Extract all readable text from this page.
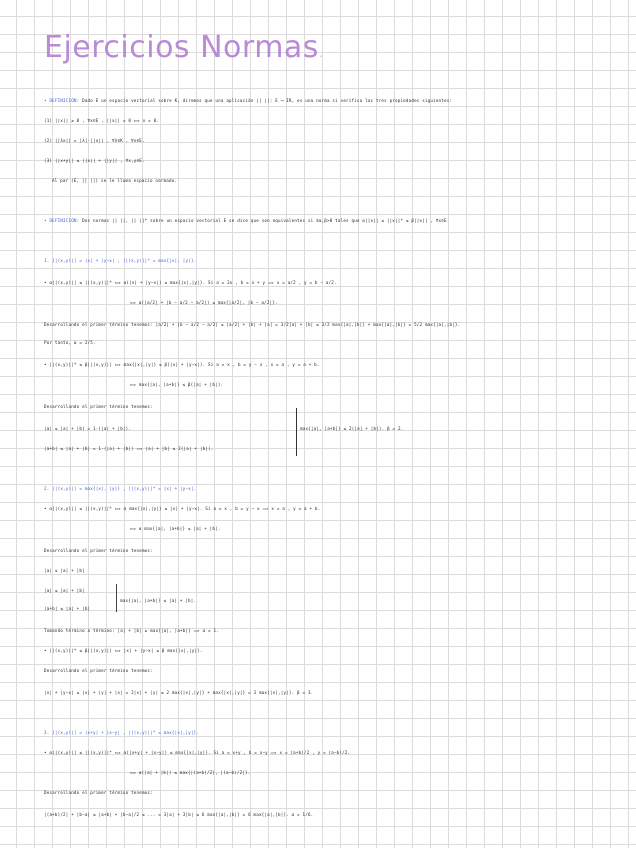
Ejercicios Normas.
• DEFINICIÓN: Dado E un espacio vectorial sobre K, diremos que una aplicación || ||: E ⟶ IR, es una norma si verifica las tres propiedades siguientes:
(1) ||x|| ≥ 0 , ∀x∈E , ||x|| = 0 ⟺ x = 0.
(2) ||λx|| = |λ|·||x|| , ∀λ∈K , ∀x∈E.
(3) ||x+y|| ≤ ||x|| + ||y|| , ∀x,y∈E.
Al par (E, || ||) se le llama espacio normado.
• DEFINICIÓN: Dos normas || ||, || ||* sobre un espacio vectorial E se dice que son equivalentes si ∃α,β>0 tales que α||x|| ≤ ||x||* ≤ β||x|| , ∀x∈E
1. ||(x,y)|| = |x| + |y−x| , ||(x,y)||* = max{|x|, |y|}.
• α||(x,y)|| ≤ ||(x,y)||* ⟺ α(|x| + |y−x|) ≤ max{|x|,|y|}. Si a = 2x , b = x + y ⟹ x = a/2 , y = b − a/2.
⟺ α(|a/2| + |b − a/2 − a/2|) ≤ max{|a/2|, |b − a/2|}.
Desarrollando el primer término tenemos: |a/2| + |b − a/2 − a/2| ≤ |a/2| + |b| + |a| = 3/2|a| + |b| ≤ 3/2 max{|a|,|b|} + max{|a|,|b|} = 5/2 max{|a|,|b|}.
Por tanto, α = 2/5.
• ||(x,y)||* ≤ β||(x,y)|| ⟺ max{|x|,|y|} ≤ β(|x| + |y−x|). Si a = x , b = y − x , x = a , y = a + b.
⟺ max{|a|, |a+b|} ≤ β(|a| + |b|).
Desarrollando el primer término tenemos:
|a| ≤ |a| + |b| = 1·(|a| + |b|).
|a+b| ≤ |a| + |b| = 1·(|a| + |b|) ⟹ |a| + |b| ≤ 2(|a| + |b|).
max{|a|, |a+b|} ≤ 2(|a| + |b|). β = 2.
2. ||(x,y)|| = max{|x|, |y|} , ||(x,y)||* = |x| + |y−x|.
• α||(x,y)|| ≤ ||(x,y)||* ⟺ α max{|x|,|y|} ≤ |x| + |y−x|. Si a = x , b = y − x ⟹ x = a , y = a + b.
⟺ α max{|a|, |a+b|} ≤ |a| + |b|.
Desarrollando el primer término tenemos:
|a| ≤ |a| + |b|
|a| ≤ |a| + |b|
|a+b| ≤ |a| + |b|
max{|a|, |a+b|} ≤ |a| + |b|.
Tomando término a término: |a| + |b| ≥ max{|a|, |a+b|} ⟹ α = 1.
• ||(x,y)||* ≤ β||(x,y)|| ⟺ |x| + |y−x| ≤ β max{|x|,|y|}.
Desarrollando el primer término tenemos:
|x| + |y−x| ≤ |x| + |y| + |x| = 2|x| + |y| ≤ 2 max{|x|,|y|} + max{|x|,|y|} = 3 max{|x|,|y|}. β = 3.
3. ||(x,y)|| = |x+y| + |x−y| , ||(x,y)||* = max{|x|,|y|}.
• α||(x,y)|| ≤ ||(x,y)||* ⟺ α(|x+y| + |x−y|) ≤ max{|x|,|y|}. Si a = x+y , b = x−y ⟹ x = (a+b)/2 , y = (a−b)/2.
⟺ α(|a| + |b|) ≤ max{|(a+b)/2|, |(a−b)/2|}.
Desarrollando el primer término tenemos:
|(a+b)/2| + |b−a| ≤ |a+b| + |b−a|/2 ≤ ... = 3|a| + 3|b| ≤ 6 max{|a|,|b|} = 6 max{|a|,|b|}. α = 1/6.
